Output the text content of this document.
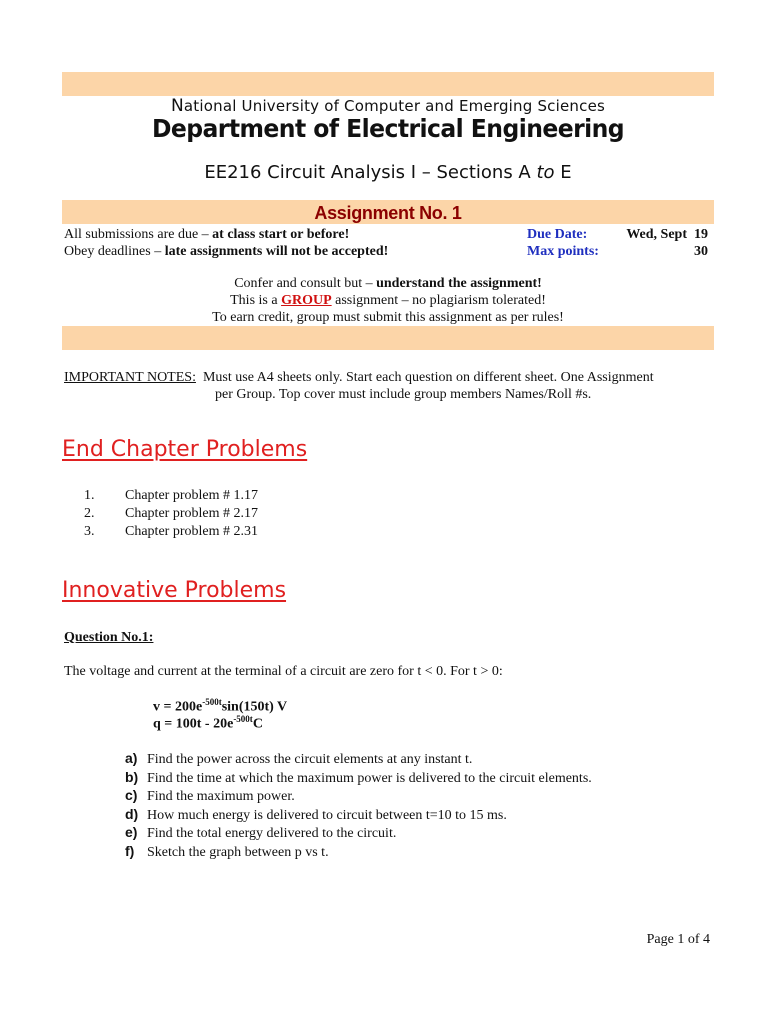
National University of Computer and Emerging Sciences
Department of Electrical Engineering
EE216 Circuit Analysis I – Sections A to E
Assignment No. 1
All submissions are due – at class start or before!
Obey deadlines – late assignments will not be accepted!
Due Date:
Max points:
Wed, Sept  19
30
Confer and consult but – understand the assignment!
This is a GROUP assignment – no plagiarism tolerated!
To earn credit, group must submit this assignment as per rules!
IMPORTANT NOTES: Must use A4 sheets only. Start each question on different sheet. One Assignment
per Group. Top cover must include group members Names/Roll #s.
End Chapter Problems
1. Chapter problem # 1.17
2. Chapter problem # 2.17
3. Chapter problem # 2.31
Innovative Problems
Question No.1:
The voltage and current at the terminal of a circuit are zero for t < 0. For t > 0:
$v = 200e^{-500t}\sin(150t)$ V
$q = 100t - 20e^{-500t}C$
a) Find the power across the circuit elements at any instant t.
b) Find the time at which the maximum power is delivered to the circuit elements.
c) Find the maximum power.
d) How much energy is delivered to circuit between t=10 to 15 ms.
e) Find the total energy delivered to the circuit.
f) Sketch the graph between p vs t.
Page 1 of 4
